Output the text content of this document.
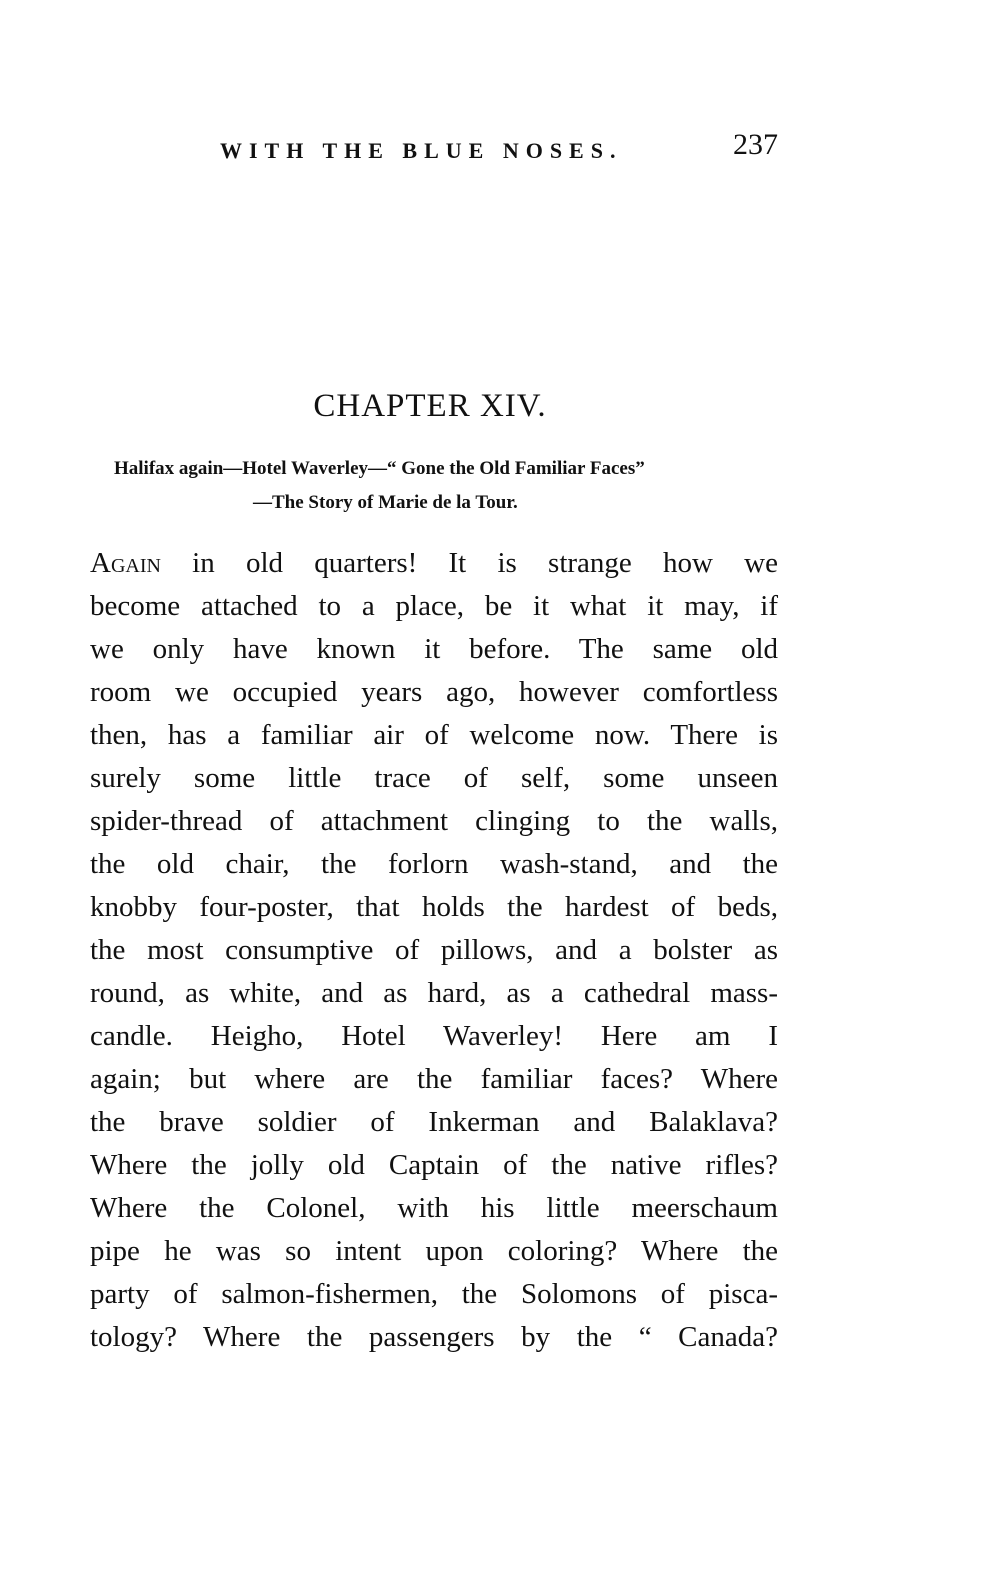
WITH THE BLUE NOSES.	237
CHAPTER XIV.
Halifax again—Hotel Waverley—“ Gone the Old Familiar Faces”
—The Story of Marie de la Tour.
Again in old quarters! It is strange how we
become attached to a place, be it what it may, if
we only have known it before. The same old
room we occupied years ago, however comfortless
then, has a familiar air of welcome now. There is
surely some little trace of self, some unseen
spider-thread of attachment clinging to the walls,
the old chair, the forlorn wash-stand, and the
knobby four-poster, that holds the hardest of beds,
the most consumptive of pillows, and a bolster as
round, as white, and as hard, as a cathedral mass-
candle. Heigho, Hotel Waverley! Here am I
again; but where are the familiar faces? Where
the brave soldier of Inkerman and Balaklava?
Where the jolly old Captain of the native rifles?
Where the Colonel, with his little meerschaum
pipe he was so intent upon coloring? Where the
party of salmon-fishermen, the Solomons of pisca-
tology? Where the passengers by the “ Canada?
